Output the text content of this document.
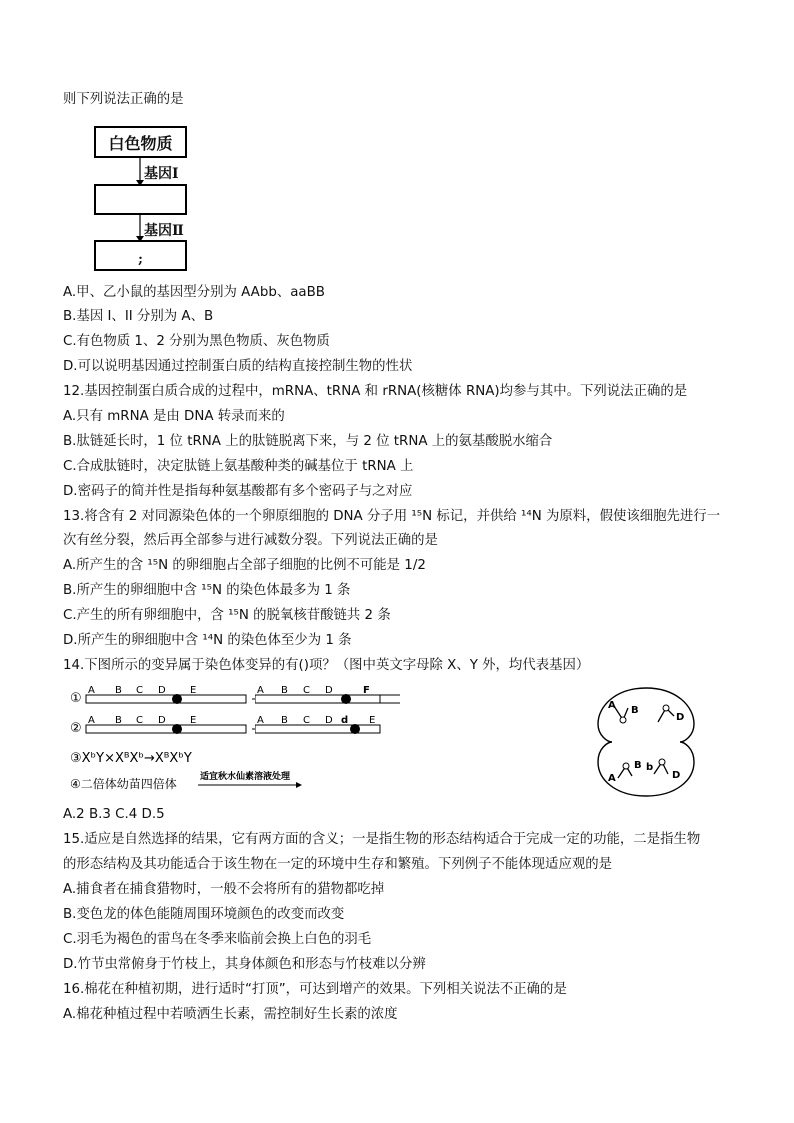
则下列说法正确的是
白色物质
基因Ⅰ
基因Ⅱ
;
A.甲、乙小鼠的基因型分别为 AAbb、aaBB
B.基因 I、II 分别为 A、B
C.有色物质 1、2 分别为黑色物质、灰色物质
D.可以说明基因通过控制蛋白质的结构直接控制生物的性状
12.基因控制蛋白质合成的过程中，mRNA、tRNA 和 rRNA(核糖体 RNA)均参与其中。下列说法正确的是
A.只有 mRNA 是由 DNA 转录而来的
B.肽链延长时，1 位 tRNA 上的肽链脱离下来，与 2 位 tRNA 上的氨基酸脱水缩合
C.合成肽链时，决定肽链上氨基酸种类的碱基位于 tRNA 上
D.密码子的简并性是指每种氨基酸都有多个密码子与之对应
13.将含有 2 对同源染色体的一个卵原细胞的 DNA 分子用 ¹⁵N 标记，并供给 ¹⁴N 为原料，假使该细胞先进行一
次有丝分裂，然后再全部参与进行减数分裂。下列说法正确的是
A.所产生的含 ¹⁵N 的卵细胞占全部子细胞的比例不可能是 1/2
B.所产生的卵细胞中含 ¹⁵N 的染色体最多为 1 条
C.产生的所有卵细胞中，含 ¹⁵N 的脱氧核苷酸链共 2 条
D.所产生的卵细胞中含 ¹⁴N 的染色体至少为 1 条
14.下图所示的变异属于染色体变异的有()项？（图中英文字母除 X、Y 外，均代表基因）
①
A B C D E
②
A B C D E
③XᵇY×XᴮXᵇ→XᴮXᵇY
④二倍体幼苗四倍体	适宜秋水仙素溶液处理
A B C D	F
A B C D d E
A B
D
A
B b
D
A.2 B.3 C.4 D.5
15.适应是自然选择的结果，它有两方面的含义；一是指生物的形态结构适合于完成一定的功能，二是指生物
的形态结构及其功能适合于该生物在一定的环境中生存和繁殖。下列例子不能体现适应观的是
A.捕食者在捕食猎物时，一般不会将所有的猎物都吃掉
B.变色龙的体色能随周围环境颜色的改变而改变
C.羽毛为褐色的雷鸟在冬季来临前会换上白色的羽毛
D.竹节虫常俯身于竹枝上，其身体颜色和形态与竹枝难以分辨
16.棉花在种植初期，进行适时“打顶”，可达到增产的效果。下列相关说法不正确的是
A.棉花种植过程中若喷洒生长素，需控制好生长素的浓度
